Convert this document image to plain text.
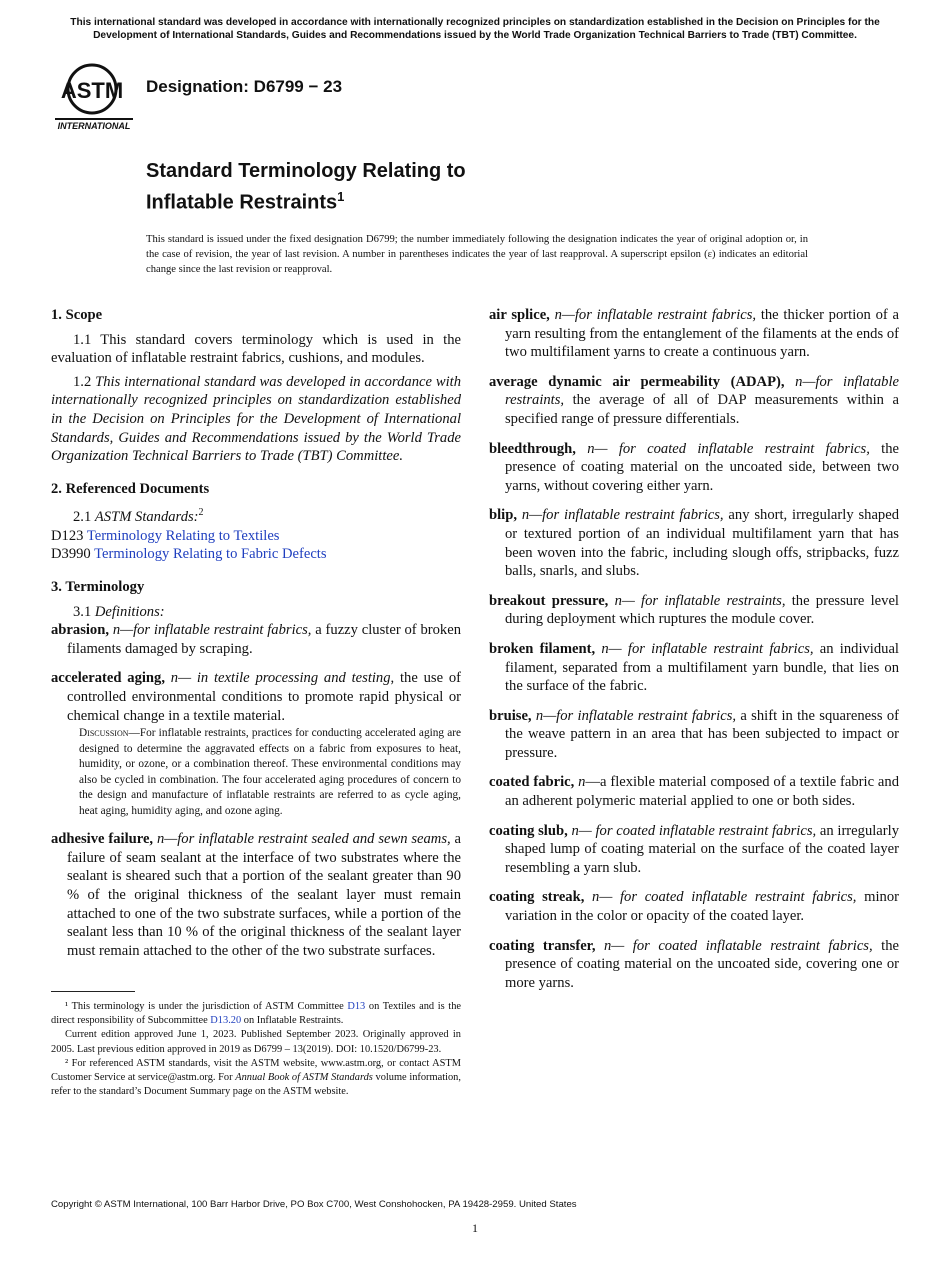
This international standard was developed in accordance with internationally recognized principles on standardization established in the Decision on Principles for the Development of International Standards, Guides and Recommendations issued by the World Trade Organization Technical Barriers to Trade (TBT) Committee.
ASTM
INTERNATIONAL
Designation: D6799 − 23
Standard Terminology Relating to
Inflatable Restraints$^1$
This standard is issued under the fixed designation D6799; the number immediately following the designation indicates the year of original adoption or, in the case of revision, the year of last revision. A number in parentheses indicates the year of last reapproval. A superscript epsilon (ε) indicates an editorial change since the last revision or reapproval.
1. Scope

1.1 This standard covers terminology which is used in the evaluation of inflatable restraint fabrics, cushions, and modules.

1.2 This international standard was developed in accordance with internationally recognized principles on standardization established in the Decision on Principles for the Development of International Standards, Guides and Recommendations issued by the World Trade Organization Technical Barriers to Trade (TBT) Committee.

2. Referenced Documents

2.1 ASTM Standards:$^2$

D123 Terminology Relating to Textiles

D3990 Terminology Relating to Fabric Defects

3. Terminology

3.1 Definitions:

abrasion, n—for inflatable restraint fabrics, a fuzzy cluster of broken filaments damaged by scraping.

accelerated aging, n— in textile processing and testing, the use of controlled environmental conditions to promote rapid physical or chemical change in a textile material.

Discussion—For inflatable restraints, practices for conducting accelerated aging are designed to determine the aggravated effects on a fabric from exposures to heat, humidity, or ozone, or a combination thereof. These environmental conditions may also be cycled in combination. The four accelerated aging procedures of concern to the design and manufacture of inflatable restraints are referred to as cycle aging, heat aging, humidity aging, and ozone aging.

adhesive failure, n—for inflatable restraint sealed and sewn seams, a failure of seam sealant at the interface of two substrates where the sealant is sheared such that a portion of the sealant greater than 90 % of the original thickness of the sealant layer must remain attached to one of the two substrate surfaces, while a portion of the sealant less than 10 % of the original thickness of the sealant layer must remain attached to the other of the two substrate surfaces.

¹ This terminology is under the jurisdiction of ASTM Committee D13 on Textiles and is the direct responsibility of Subcommittee D13.20 on Inflatable Restraints.

Current edition approved June 1, 2023. Published September 2023. Originally approved in 2005. Last previous edition approved in 2019 as D6799 – 13(2019). DOI: 10.1520/D6799-23.

² For referenced ASTM standards, visit the ASTM website, www.astm.org, or contact ASTM Customer Service at service@astm.org. For Annual Book of ASTM Standards volume information, refer to the standard’s Document Summary page on the ASTM website.

air splice, n—for inflatable restraint fabrics, the thicker portion of a yarn resulting from the entanglement of the filaments at the ends of two multifilament yarns to create a continuous yarn.

average dynamic air permeability (ADAP), n—for inflatable restraints, the average of all of DAP measurements within a specified range of pressure differentials.

bleedthrough, n— for coated inflatable restraint fabrics, the presence of coating material on the uncoated side, between two yarns, without covering either yarn.

blip, n—for inflatable restraint fabrics, any short, irregularly shaped or textured portion of an individual multifilament yarn that has been woven into the fabric, including slough offs, stripbacks, fuzz balls, snarls, and slubs.

breakout pressure, n— for inflatable restraints, the pressure level during deployment which ruptures the module cover.

broken filament, n— for inflatable restraint fabrics, an individual filament, separated from a multifilament yarn bundle, that lies on the surface of the fabric.

bruise, n—for inflatable restraint fabrics, a shift in the squareness of the weave pattern in an area that has been subjected to impact or pressure.

coated fabric, n—a flexible material composed of a textile fabric and an adherent polymeric material applied to one or both sides.

coating slub, n— for coated inflatable restraint fabrics, an irregularly shaped lump of coating material on the surface of the coated layer resembling a yarn slub.

coating streak, n— for coated inflatable restraint fabrics, minor variation in the color or opacity of the coated layer.

coating transfer, n— for coated inflatable restraint fabrics, the presence of coating material on the uncoated side, covering one or more yarns.

Copyright © ASTM International, 100 Barr Harbor Drive, PO Box C700, West Conshohocken, PA 19428-2959. United States
1
